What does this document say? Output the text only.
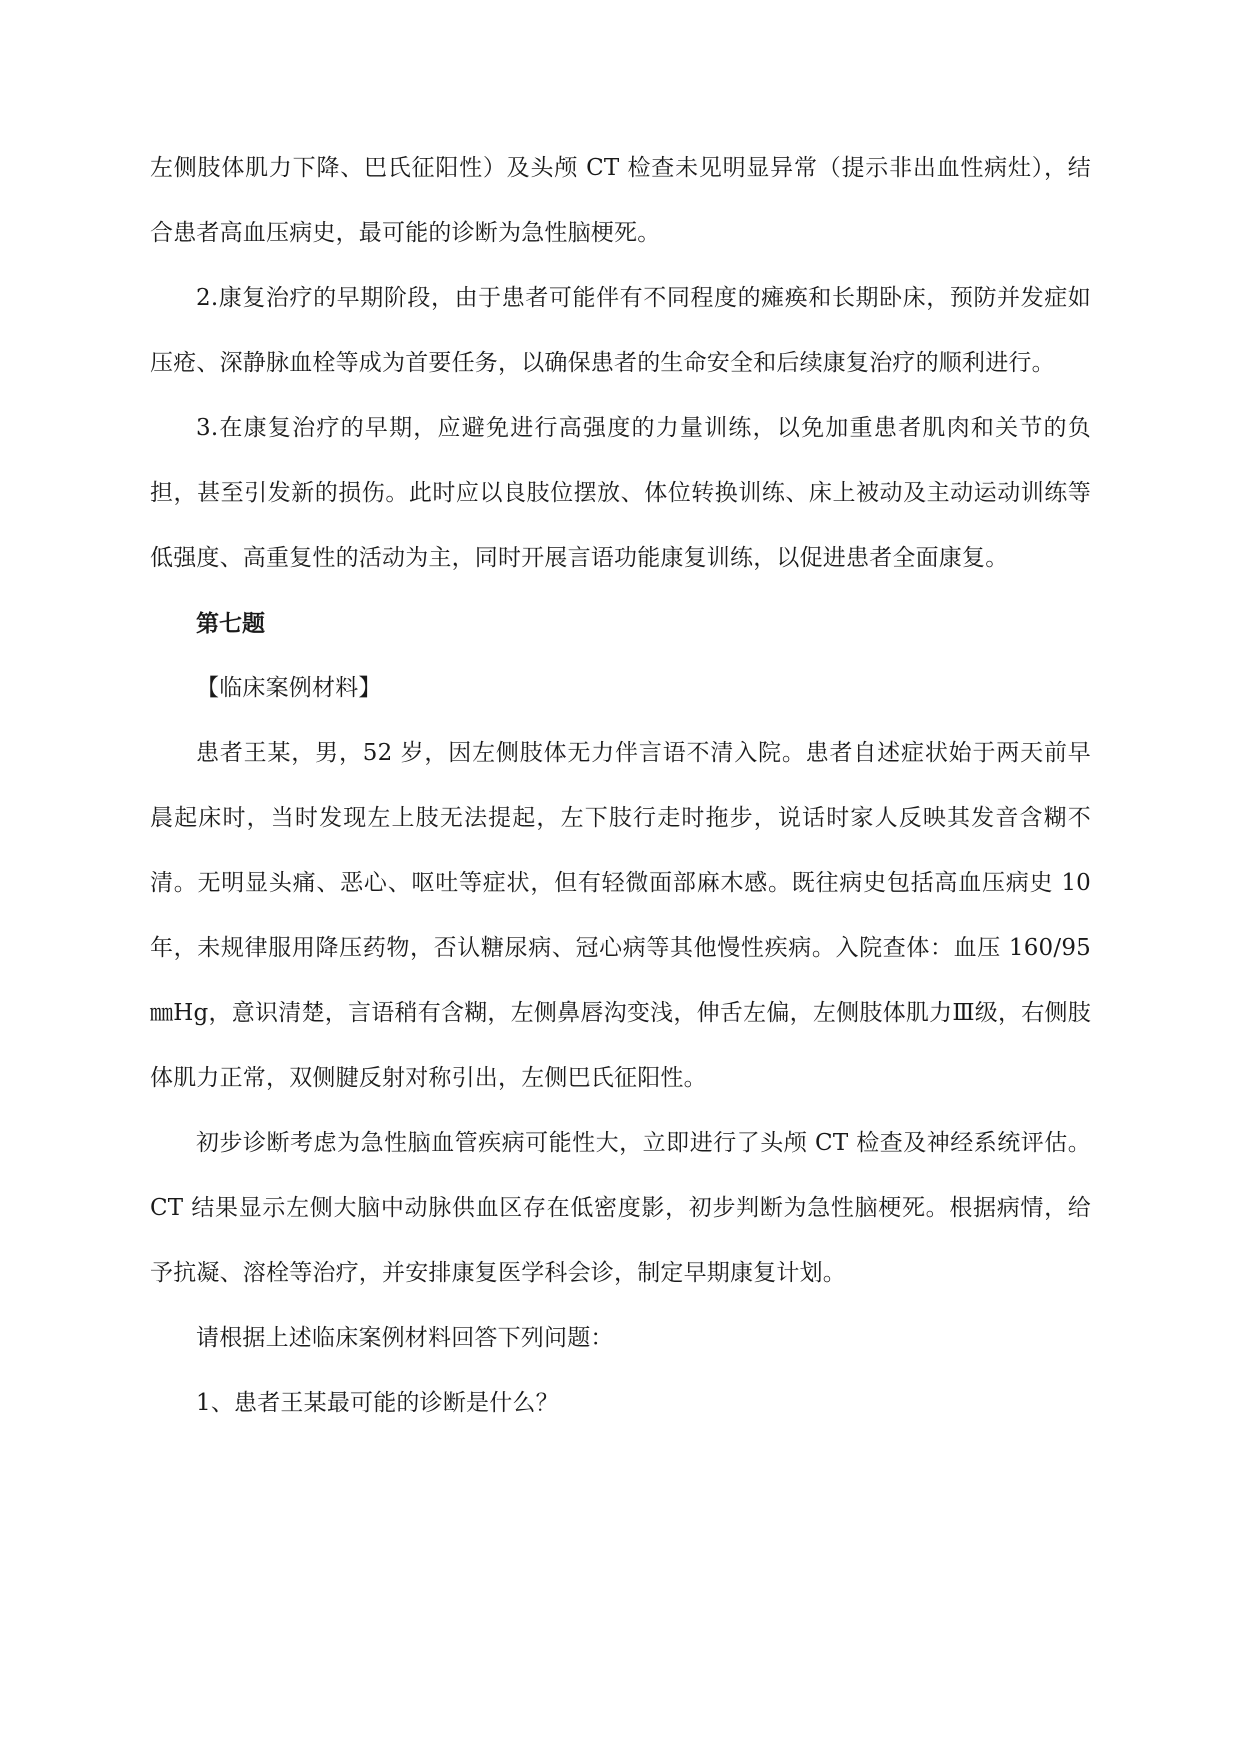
左侧肢体肌力下降、巴氏征阳性）及头颅 CT 检查未见明显异常（提示非出血性病灶），结合患者高血压病史，最可能的诊断为急性脑梗死。

2.康复治疗的早期阶段，由于患者可能伴有不同程度的瘫痪和长期卧床，预防并发症如压疮、深静脉血栓等成为首要任务，以确保患者的生命安全和后续康复治疗的顺利进行。

3.在康复治疗的早期，应避免进行高强度的力量训练，以免加重患者肌肉和关节的负担，甚至引发新的损伤。此时应以良肢位摆放、体位转换训练、床上被动及主动运动训练等低强度、高重复性的活动为主，同时开展言语功能康复训练，以促进患者全面康复。

第七题

【临床案例材料】

患者王某，男，52 岁，因左侧肢体无力伴言语不清入院。患者自述症状始于两天前早晨起床时，当时发现左上肢无法提起，左下肢行走时拖步，说话时家人反映其发音含糊不清。无明显头痛、恶心、呕吐等症状，但有轻微面部麻木感。既往病史包括高血压病史 10 年，未规律服用降压药物，否认糖尿病、冠心病等其他慢性疾病。入院查体：血压 160/95㎜Hg，意识清楚，言语稍有含糊，左侧鼻唇沟变浅，伸舌左偏，左侧肢体肌力Ⅲ级，右侧肢体肌力正常，双侧腱反射对称引出，左侧巴氏征阳性。

初步诊断考虑为急性脑血管疾病可能性大，立即进行了头颅 CT 检查及神经系统评估。CT 结果显示左侧大脑中动脉供血区存在低密度影，初步判断为急性脑梗死。根据病情，给予抗凝、溶栓等治疗，并安排康复医学科会诊，制定早期康复计划。

请根据上述临床案例材料回答下列问题：

1、患者王某最可能的诊断是什么？
